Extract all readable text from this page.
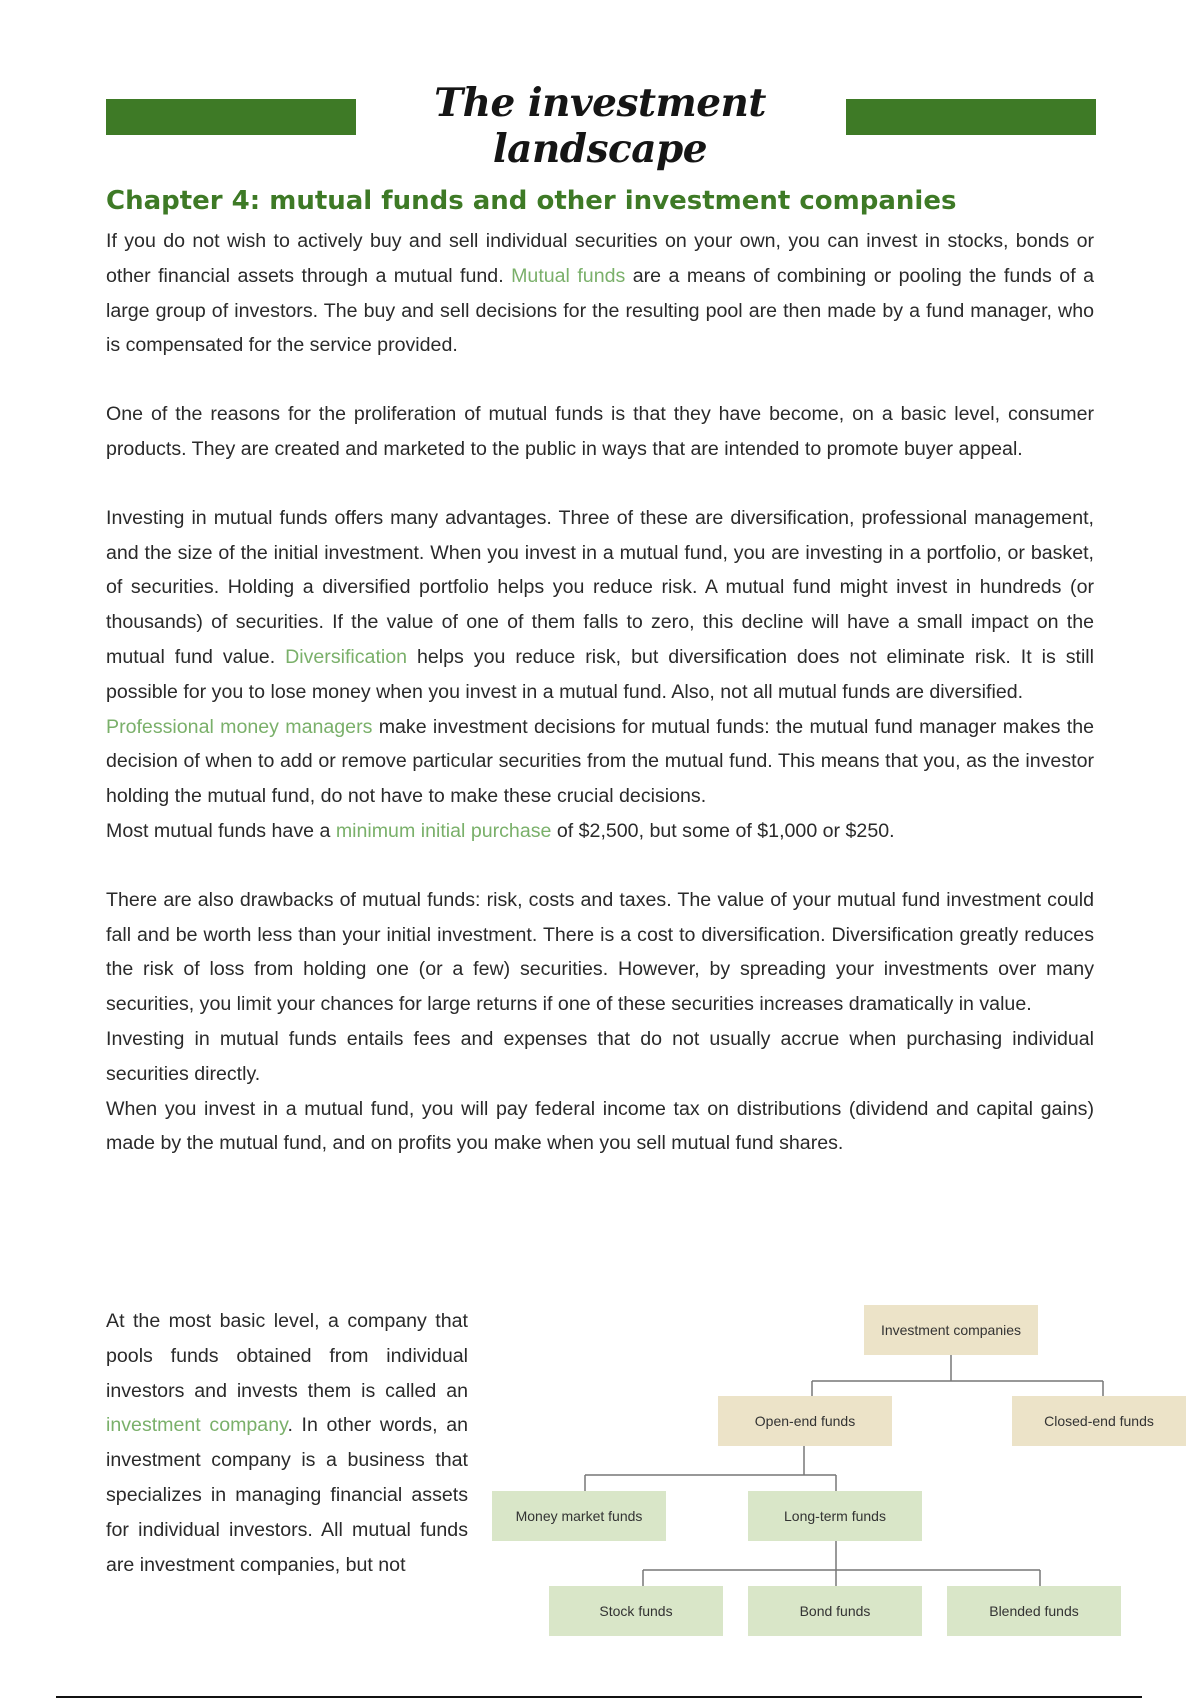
The investment landscape
Chapter 4: mutual funds and other investment companies

If you do not wish to actively buy and sell individual securities on your own, you can invest in stocks, bonds or other financial assets through a mutual fund. Mutual funds are a means of combining or pooling the funds of a large group of investors. The buy and sell decisions for the resulting pool are then made by a fund manager, who is compensated for the service provided.

One of the reasons for the proliferation of mutual funds is that they have become, on a basic level, consumer products. They are created and marketed to the public in ways that are intended to promote buyer appeal.

Investing in mutual funds offers many advantages. Three of these are diversification, professional management, and the size of the initial investment. When you invest in a mutual fund, you are investing in a portfolio, or basket, of securities. Holding a diversified portfolio helps you reduce risk. A mutual fund might invest in hundreds (or thousands) of securities. If the value of one of them falls to zero, this decline will have a small impact on the mutual fund value. Diversification helps you reduce risk, but diversification does not eliminate risk. It is still possible for you to lose money when you invest in a mutual fund. Also, not all mutual funds are diversified.

Professional money managers make investment decisions for mutual funds: the mutual fund manager makes the decision of when to add or remove particular securities from the mutual fund. This means that you, as the investor holding the mutual fund, do not have to make these crucial decisions.

Most mutual funds have a minimum initial purchase of $2,500, but some of $1,000 or $250.

There are also drawbacks of mutual funds: risk, costs and taxes. The value of your mutual fund investment could fall and be worth less than your initial investment. There is a cost to diversification. Diversification greatly reduces the risk of loss from holding one (or a few) securities. However, by spreading your investments over many securities, you limit your chances for large returns if one of these securities increases dramatically in value.

Investing in mutual funds entails fees and expenses that do not usually accrue when purchasing individual securities directly.

When you invest in a mutual fund, you will pay federal income tax on distributions (dividend and capital gains) made by the mutual fund, and on profits you make when you sell mutual fund shares.

At the most basic level, a company that pools funds obtained from individual investors and invests them is called an investment company. In other words, an investment company is a business that specializes in managing financial assets for individual investors. All mutual funds are investment companies, but not

Investment companies
Open-end funds	Closed-end funds
Money market funds	Long-term funds
Stock funds	Bond funds	Blended funds
